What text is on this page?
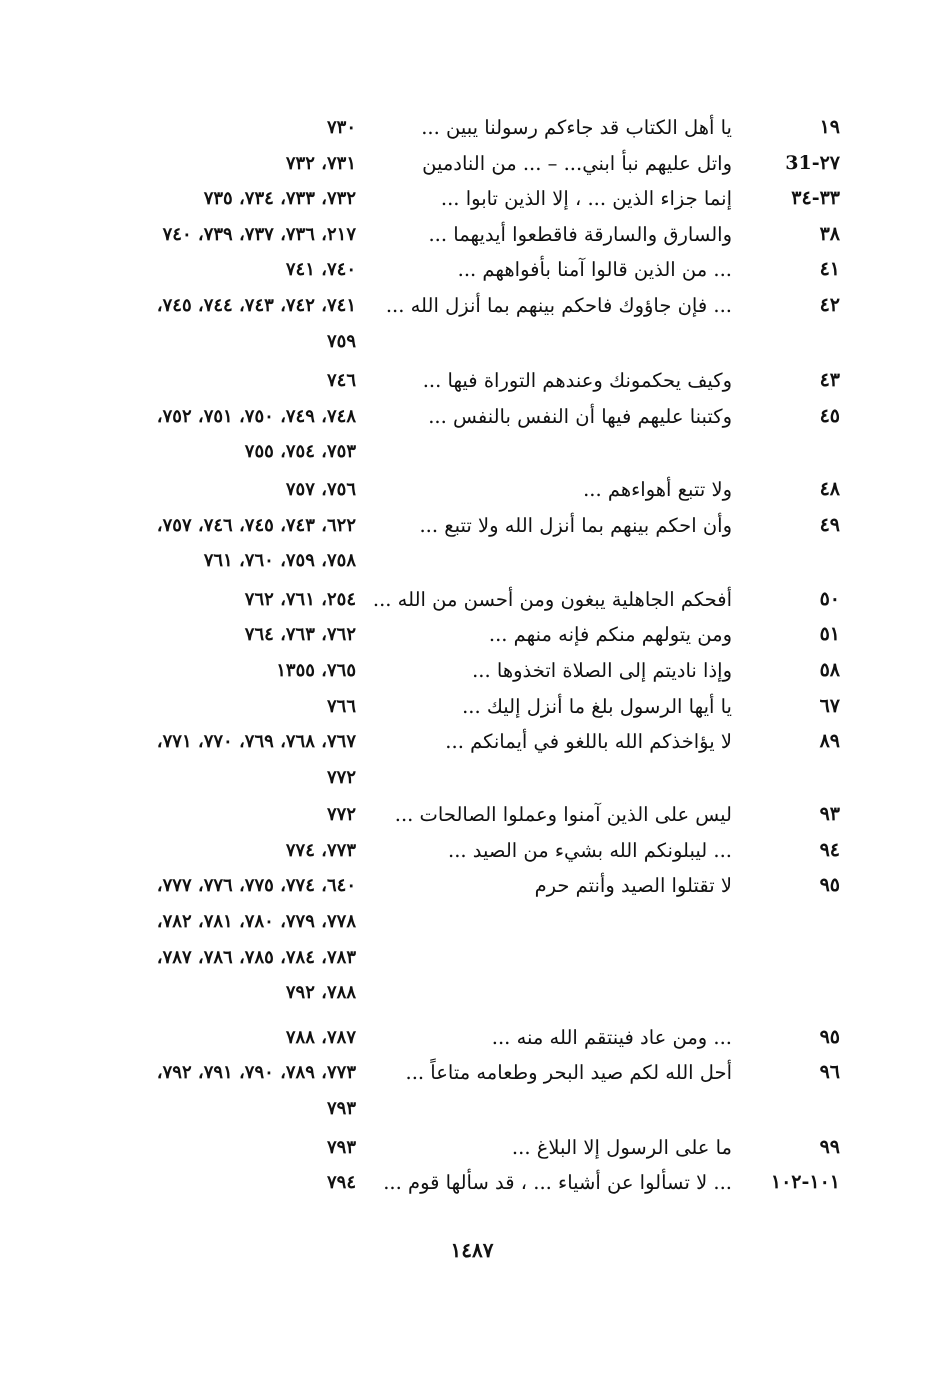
١٩
يا أهل الكتاب قد جاءكم رسولنا يبين ...
٧٣٠
٢٧-31
واتل عليهم نبأ ابني... – ... من النادمين
٧٣١، ٧٣٢
٣٣-٣٤
إنما جزاء الذين ... ، إلا الذين تابوا ...
٧٣٢، ٧٣٣، ٧٣٤، ٧٣٥
٣٨
والسارق والسارقة فاقطعوا أيديهما ...
٢١٧، ٧٣٦، ٧٣٧، ٧٣٩، ٧٤٠
٤١
... من الذين قالوا آمنا بأفواههم ...
٧٤٠، ٧٤١
٤٢
... فإن جاؤوك فاحكم بينهم بما أنزل الله ...
٧٤١، ٧٤٢، ٧٤٣، ٧٤٤، ٧٤٥،
٧٥٩
٤٣
وكيف يحكمونك وعندهم التوراة فيها ...
٧٤٦
٤٥
وكتبنا عليهم فيها أن النفس بالنفس ...
٧٤٨، ٧٤٩، ٧٥٠، ٧٥١، ٧٥٢،
٧٥٣، ٧٥٤، ٧٥٥
٤٨
ولا تتبع أهواءهم ...
٧٥٦، ٧٥٧
٤٩
وأن احكم بينهم بما أنزل الله ولا تتبع ...
٦٢٢، ٧٤٣، ٧٤٥، ٧٤٦، ٧٥٧،
٧٥٨، ٧٥٩، ٧٦٠، ٧٦١
٥٠
أفحكم الجاهلية يبغون ومن أحسن من الله ...
٢٥٤، ٧٦١، ٧٦٢
٥١
ومن يتولهم منكم فإنه منهم ...
٧٦٢، ٧٦٣، ٧٦٤
٥٨
وإذا ناديتم إلى الصلاة اتخذوها ...
٧٦٥، ١٣٥٥
٦٧
يا أيها الرسول بلغ ما أنزل إليك ...
٧٦٦
٨٩
لا يؤاخذكم الله باللغو في أيمانكم ...
٧٦٧، ٧٦٨، ٧٦٩، ٧٧٠، ٧٧١،
٧٧٢
٩٣
ليس على الذين آمنوا وعملوا الصالحات ...
٧٧٢
٩٤
... ليبلونكم الله بشيء من الصيد ...
٧٧٣، ٧٧٤
٩٥
لا تقتلوا الصيد وأنتم حرم
٦٤٠، ٧٧٤، ٧٧٥، ٧٧٦، ٧٧٧،
٧٧٨، ٧٧٩، ٧٨٠، ٧٨١، ٧٨٢،
٧٨٣، ٧٨٤، ٧٨٥، ٧٨٦، ٧٨٧،
٧٨٨، ٧٩٢
٩٥
... ومن عاد فينتقم الله منه ...
٧٨٧، ٧٨٨
٩٦
أحل الله لكم صيد البحر وطعامه متاعاً ...
٧٧٣، ٧٨٩، ٧٩٠، ٧٩١، ٧٩٢،
٧٩٣
٩٩
ما على الرسول إلا البلاغ ...
٧٩٣
١٠١-١٠٢
... لا تسألوا عن أشياء ... ، قد سألها قوم ...
٧٩٤
١٤٨٧
